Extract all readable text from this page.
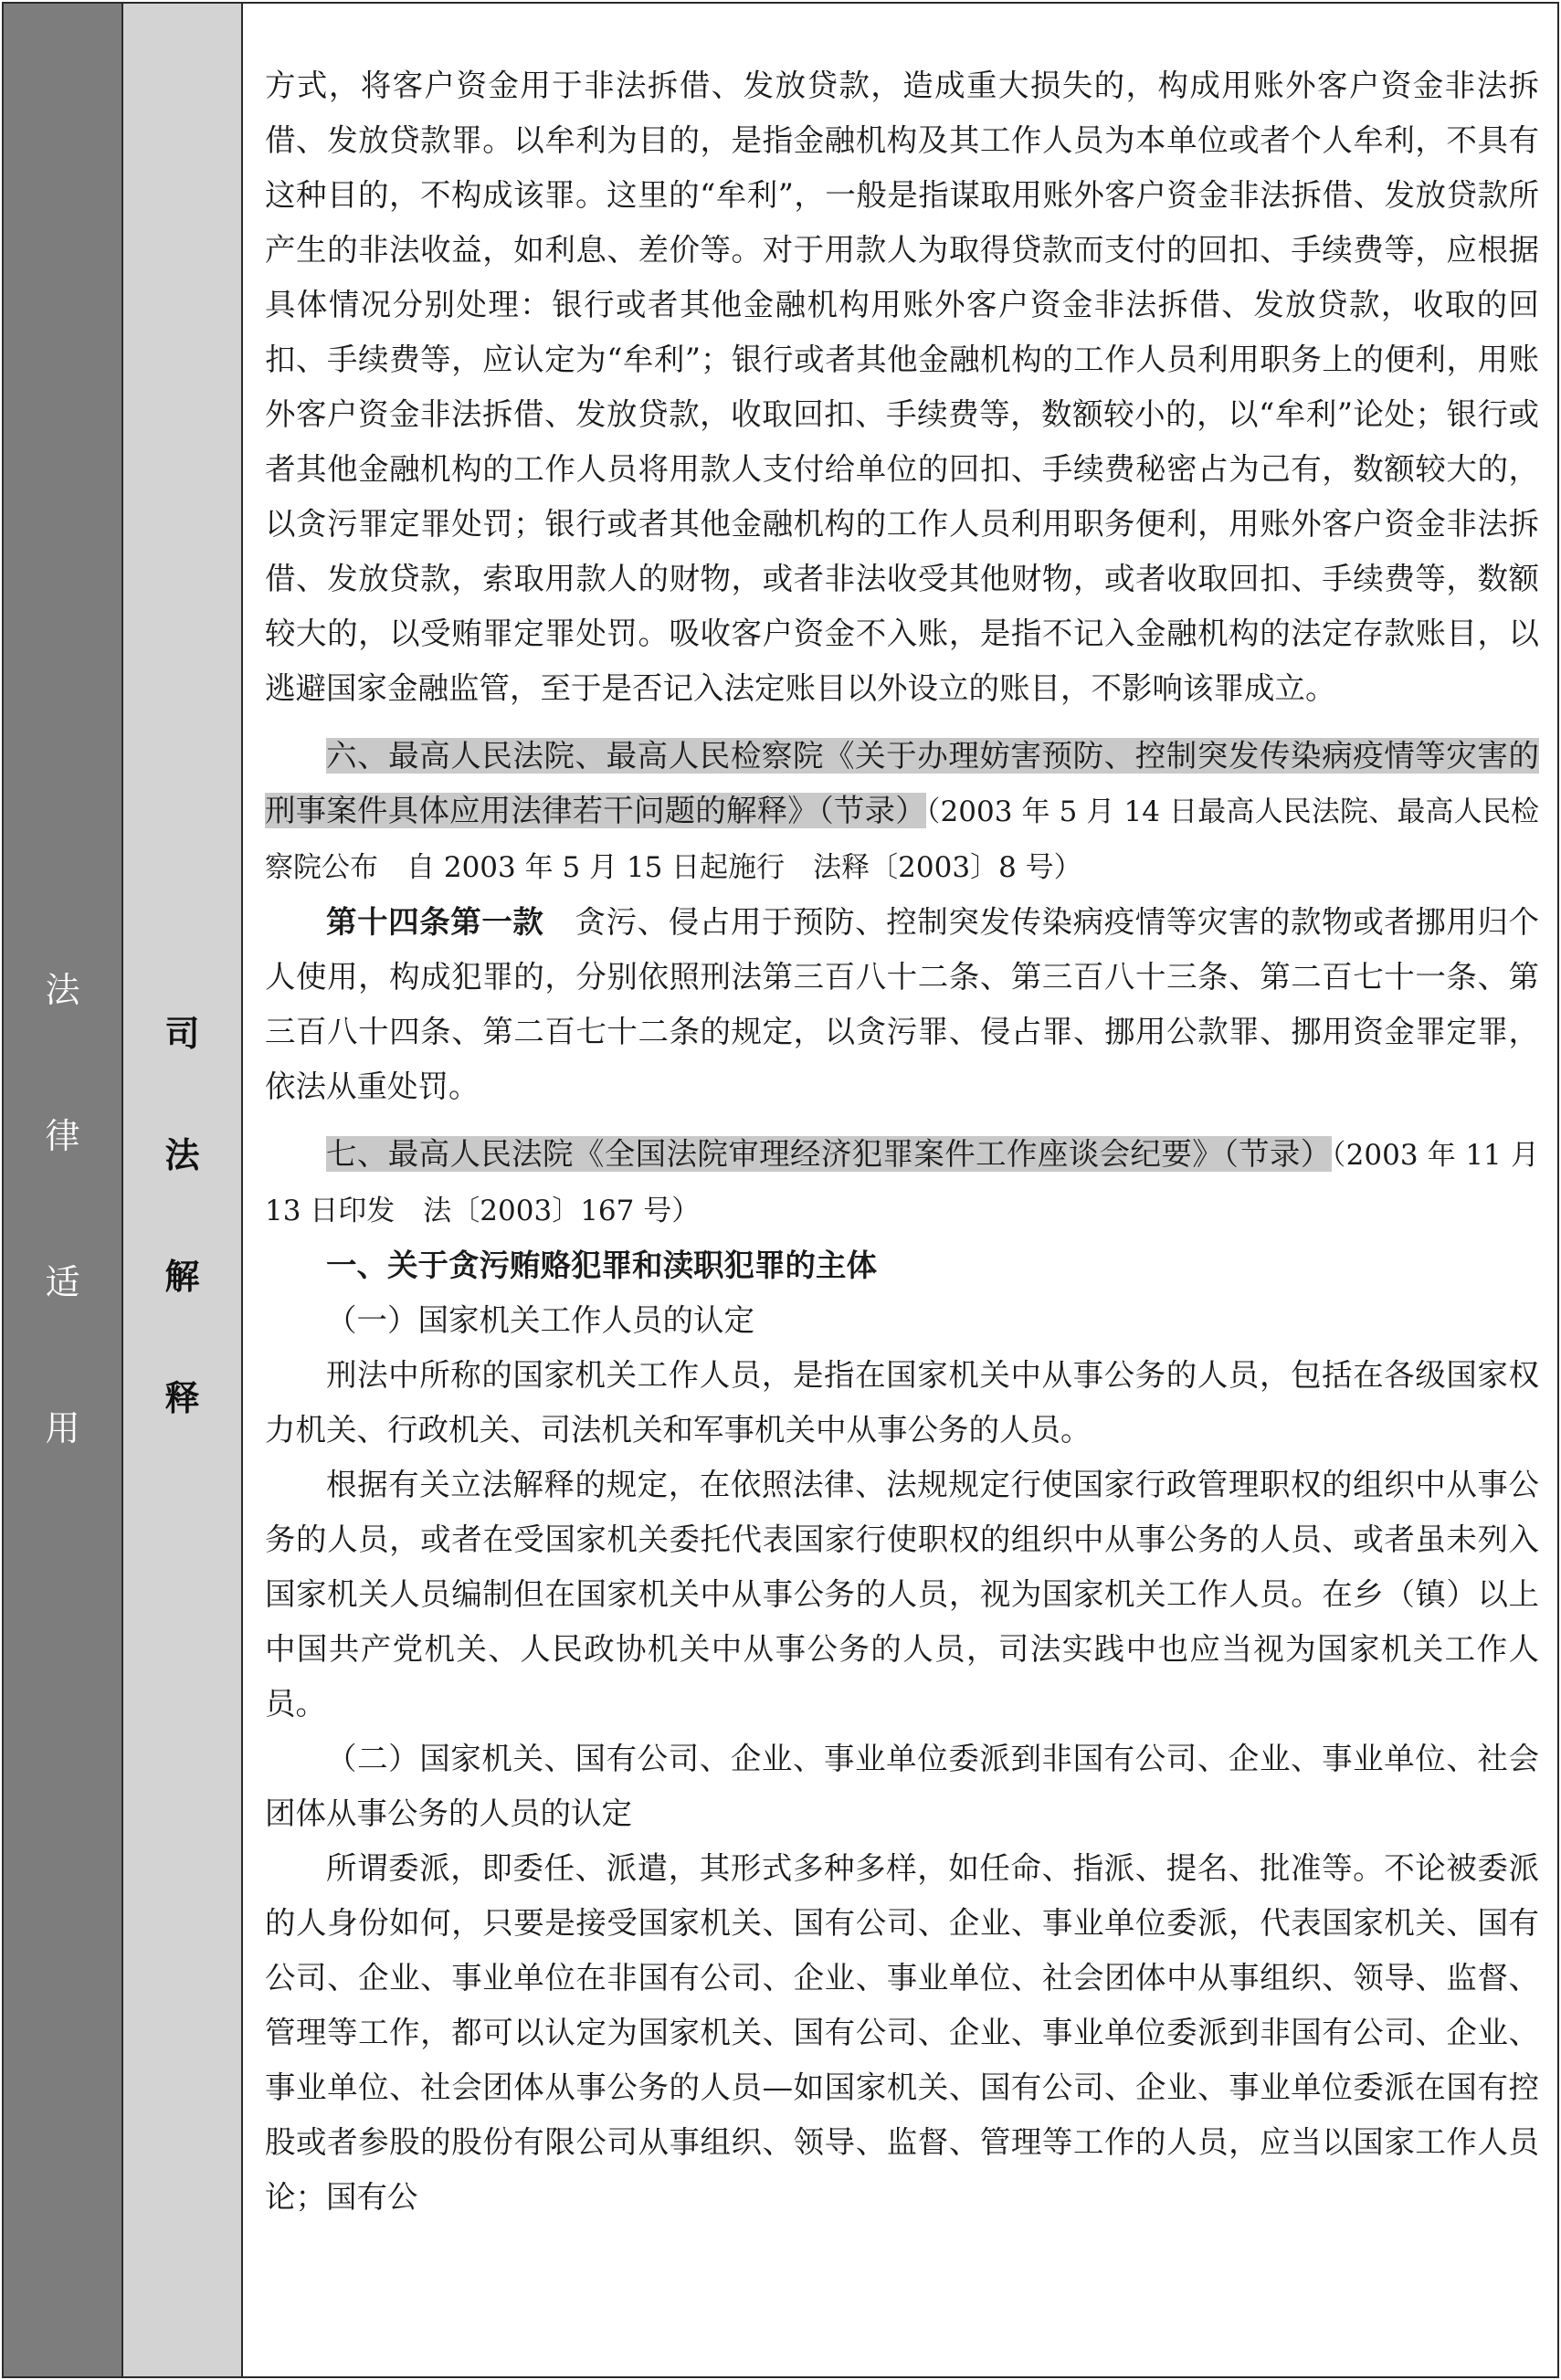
法
律
适
用
司
法
解
释

方式，将客户资金用于非法拆借、发放贷款，造成重大损失的，构成用账外客户资金非法拆借、发放贷款罪。以牟利为目的，是指金融机构及其工作人员为本单位或者个人牟利，不具有这种目的，不构成该罪。这里的“牟利”，一般是指谋取用账外客户资金非法拆借、发放贷款所产生的非法收益，如利息、差价等。对于用款人为取得贷款而支付的回扣、手续费等，应根据具体情况分别处理：银行或者其他金融机构用账外客户资金非法拆借、发放贷款，收取的回扣、手续费等，应认定为“牟利”；银行或者其他金融机构的工作人员利用职务上的便利，用账外客户资金非法拆借、发放贷款，收取回扣、手续费等，数额较小的，以“牟利”论处；银行或者其他金融机构的工作人员将用款人支付给单位的回扣、手续费秘密占为己有，数额较大的，以贪污罪定罪处罚；银行或者其他金融机构的工作人员利用职务便利，用账外客户资金非法拆借、发放贷款，索取用款人的财物，或者非法收受其他财物，或者收取回扣、手续费等，数额较大的，以受贿罪定罪处罚。吸收客户资金不入账，是指不记入金融机构的法定存款账目，以逃避国家金融监管，至于是否记入法定账目以外设立的账目，不影响该罪成立。

六、最高人民法院、最高人民检察院《关于办理妨害预防、控制突发传染病疫情等灾害的刑事案件具体应用法律若干问题的解释》（节录）（2003 年 5 月 14 日最高人民法院、最高人民检察院公布　自 2003 年 5 月 15 日起施行　法释〔2003〕8 号）

第十四条第一款　 贪污、侵占用于预防、控制突发传染病疫情等灾害的款物或者挪用归个人使用，构成犯罪的，分别依照刑法第三百八十二条、第三百八十三条、第二百七十一条、第三百八十四条、第二百七十二条的规定，以贪污罪、侵占罪、挪用公款罪、挪用资金罪定罪，依法从重处罚。

七、最高人民法院《全国法院审理经济犯罪案件工作座谈会纪要》（节录）（2003 年 11 月 13 日印发　法〔2003〕167 号）

一、关于贪污贿赂犯罪和渎职犯罪的主体

（一）国家机关工作人员的认定

刑法中所称的国家机关工作人员，是指在国家机关中从事公务的人员，包括在各级国家权力机关、行政机关、司法机关和军事机关中从事公务的人员。

根据有关立法解释的规定，在依照法律、法规规定行使国家行政管理职权的组织中从事公务的人员，或者在受国家机关委托代表国家行使职权的组织中从事公务的人员、或者虽未列入国家机关人员编制但在国家机关中从事公务的人员，视为国家机关工作人员。在乡（镇）以上中国共产党机关、人民政协机关中从事公务的人员，司法实践中也应当视为国家机关工作人员。

（二）国家机关、国有公司、企业、事业单位委派到非国有公司、企业、事业单位、社会团体从事公务的人员的认定

所谓委派，即委任、派遣，其形式多种多样，如任命、指派、提名、批准等。不论被委派的人身份如何，只要是接受国家机关、国有公司、企业、事业单位委派，代表国家机关、国有公司、企业、事业单位在非国有公司、企业、事业单位、社会团体中从事组织、领导、监督、管理等工作，都可以认定为国家机关、国有公司、企业、事业单位委派到非国有公司、企业、事业单位、社会团体从事公务的人员—如国家机关、国有公司、企业、事业单位委派在国有控股或者参股的股份有限公司从事组织、领导、监督、管理等工作的人员，应当以国家工作人员论；国有公
